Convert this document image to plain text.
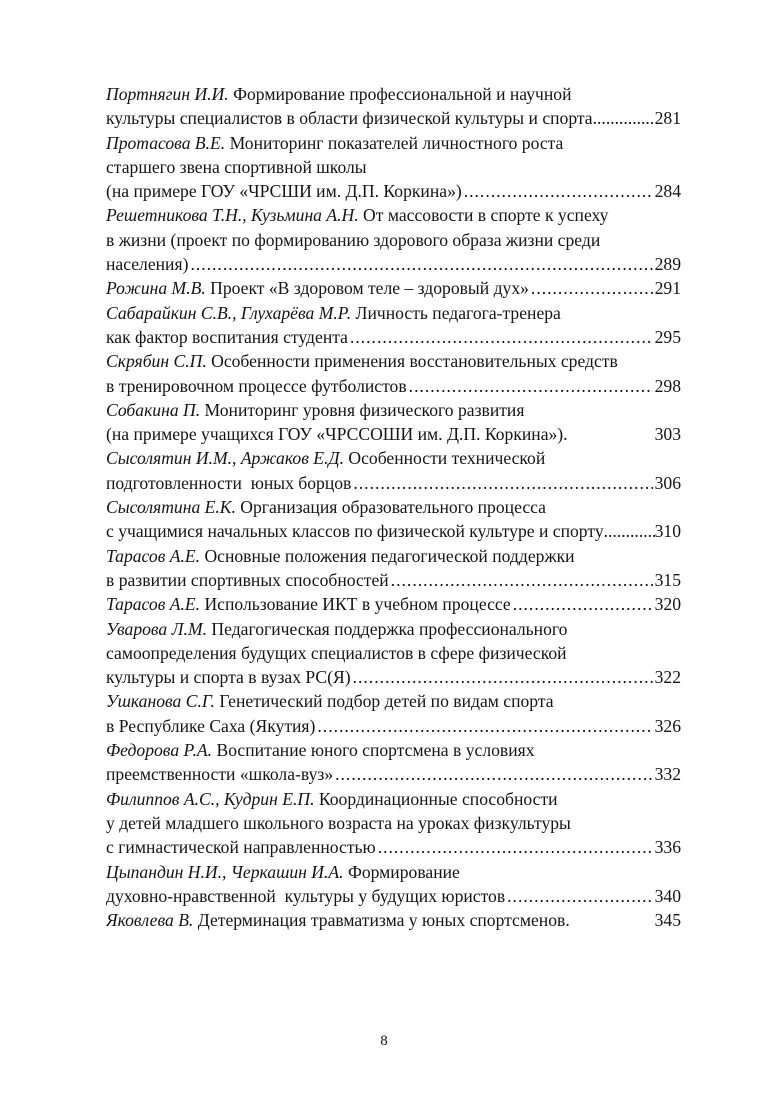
Портнягин И.И. Формирование профессиональной и научной
культуры специалистов в области физической культуры и спорта .....	281
Протасова В.Е. Мониторинг показателей личностного роста
старшего звена спортивной школы
(на примере ГОУ «ЧРСШИ им. Д.П. Коркина») .....	284
Решетникова Т.Н., Кузьмина А.Н. От массовости в спорте к успеху
в жизни (проект по формированию здорового образа жизни среди
населения) .....	289
Рожина М.В. Проект «В здоровом теле – здоровый дух» .....	291
Сабарайкин С.В., Глухарёва М.Р. Личность педагога-тренера
как фактор воспитания студента .....	295
Скрябин С.П. Особенности применения восстановительных средств
в тренировочном процессе футболистов .....	298
Собакина П. Мониторинг уровня физического развития
(на примере учащихся ГОУ «ЧРССОШИ им. Д.П. Коркина») .	303
Сысолятин И.М., Аржаков Е.Д. Особенности технической
подготовленности  юных борцов .....	306
Сысолятина Е.К. Организация образовательного процесса
с учащимися начальных классов по физической культуре и спорту .....	310
Тарасов А.Е. Основные положения педагогической поддержки
в развитии спортивных способностей .....	315
Тарасов А.Е. Использование ИКТ в учебном процессе .....	320
Уварова Л.М. Педагогическая поддержка профессионального
самоопределения будущих специалистов в сфере физической
культуры и спорта в вузах РС(Я) .....	322
Ушканова С.Г. Генетический подбор детей по видам спорта
в Республике Саха (Якутия) .....	326
Федорова Р.А. Воспитание юного спортсмена в условиях
преемственности «школа-вуз» .....	332
Филиппов А.С., Кудрин Е.П. Координационные способности
у детей младшего школьного возраста на уроках физкультуры
с гимнастической направленностью .....	336
Цыпандин Н.И., Черкашин И.А. Формирование
духовно-нравственной  культуры у будущих юристов .....	340
Яковлева В. Детерминация травматизма у юных спортсменов .	345
8
